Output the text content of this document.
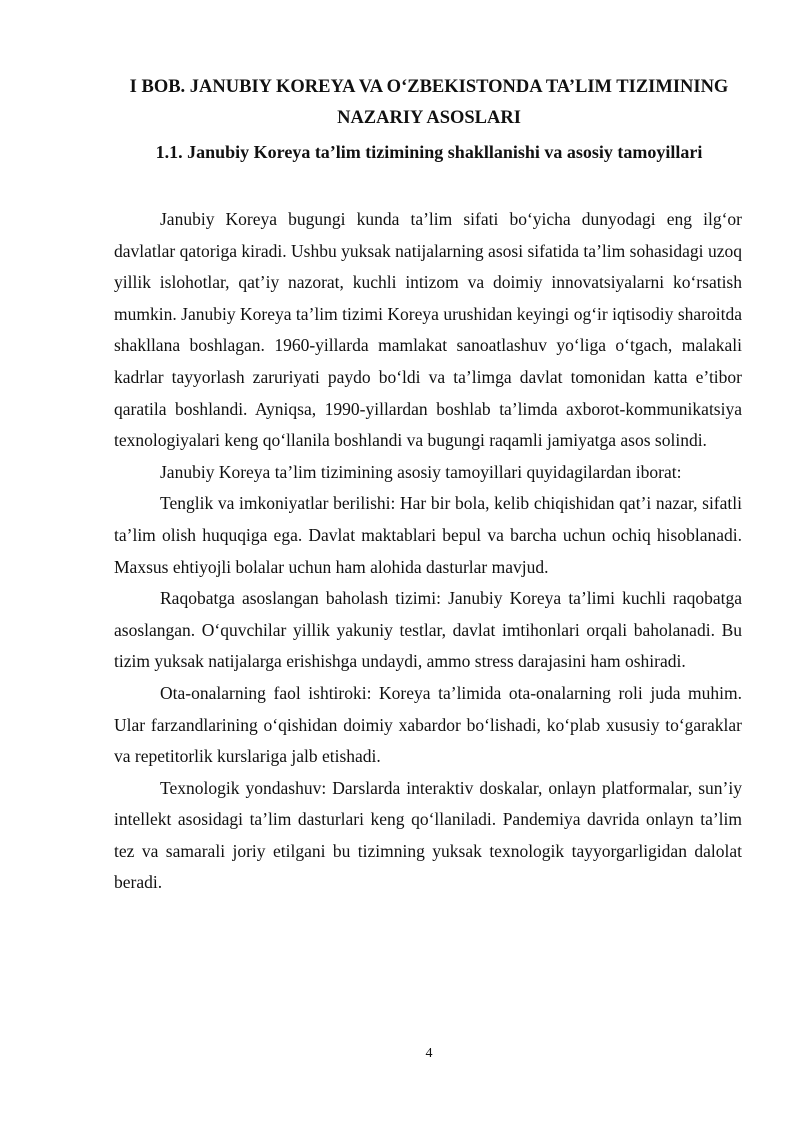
I BOB. JANUBIY KOREYA VA O‘ZBEKISTONDA TA’LIM TIZIMINING NAZARIY ASOSLARI
1.1. Janubiy Koreya ta’lim tizimining shakllanishi va asosiy tamoyillari

Janubiy Koreya bugungi kunda ta’lim sifati bo‘yicha dunyodagi eng ilg‘or davlatlar qatoriga kiradi. Ushbu yuksak natijalarning asosi sifatida ta’lim sohasidagi uzoq yillik islohotlar, qat’iy nazorat, kuchli intizom va doimiy innovatsiyalarni ko‘rsatish mumkin. Janubiy Koreya ta’lim tizimi Koreya urushidan keyingi og‘ir iqtisodiy sharoitda shakllana boshlagan. 1960-yillarda mamlakat sanoatlashuv yo‘liga o‘tgach, malakali kadrlar tayyorlash zaruriyati paydo bo‘ldi va ta’limga davlat tomonidan katta e’tibor qaratila boshlandi. Ayniqsa, 1990-yillardan boshlab ta’limda axborot-kommunikatsiya texnologiyalari keng qo‘llanila boshlandi va bugungi raqamli jamiyatga asos solindi.

Janubiy Koreya ta’lim tizimining asosiy tamoyillari quyidagilardan iborat:

Tenglik va imkoniyatlar berilishi: Har bir bola, kelib chiqishidan qat’i nazar, sifatli ta’lim olish huquqiga ega. Davlat maktablari bepul va barcha uchun ochiq hisoblanadi. Maxsus ehtiyojli bolalar uchun ham alohida dasturlar mavjud.

Raqobatga asoslangan baholash tizimi: Janubiy Koreya ta’limi kuchli raqobatga asoslangan. O‘quvchilar yillik yakuniy testlar, davlat imtihonlari orqali baholanadi. Bu tizim yuksak natijalarga erishishga undaydi, ammo stress darajasini ham oshiradi.

Ota-onalarning faol ishtiroki: Koreya ta’limida ota-onalarning roli juda muhim. Ular farzandlarining o‘qishidan doimiy xabardor bo‘lishadi, ko‘plab xususiy to‘garaklar va repetitorlik kurslariga jalb etishadi.

Texnologik yondashuv: Darslarda interaktiv doskalar, onlayn platformalar, sun’iy intellekt asosidagi ta’lim dasturlari keng qo‘llaniladi. Pandemiya davrida onlayn ta’lim tez va samarali joriy etilgani bu tizimning yuksak texnologik tayyorgarligidan dalolat beradi.

4
